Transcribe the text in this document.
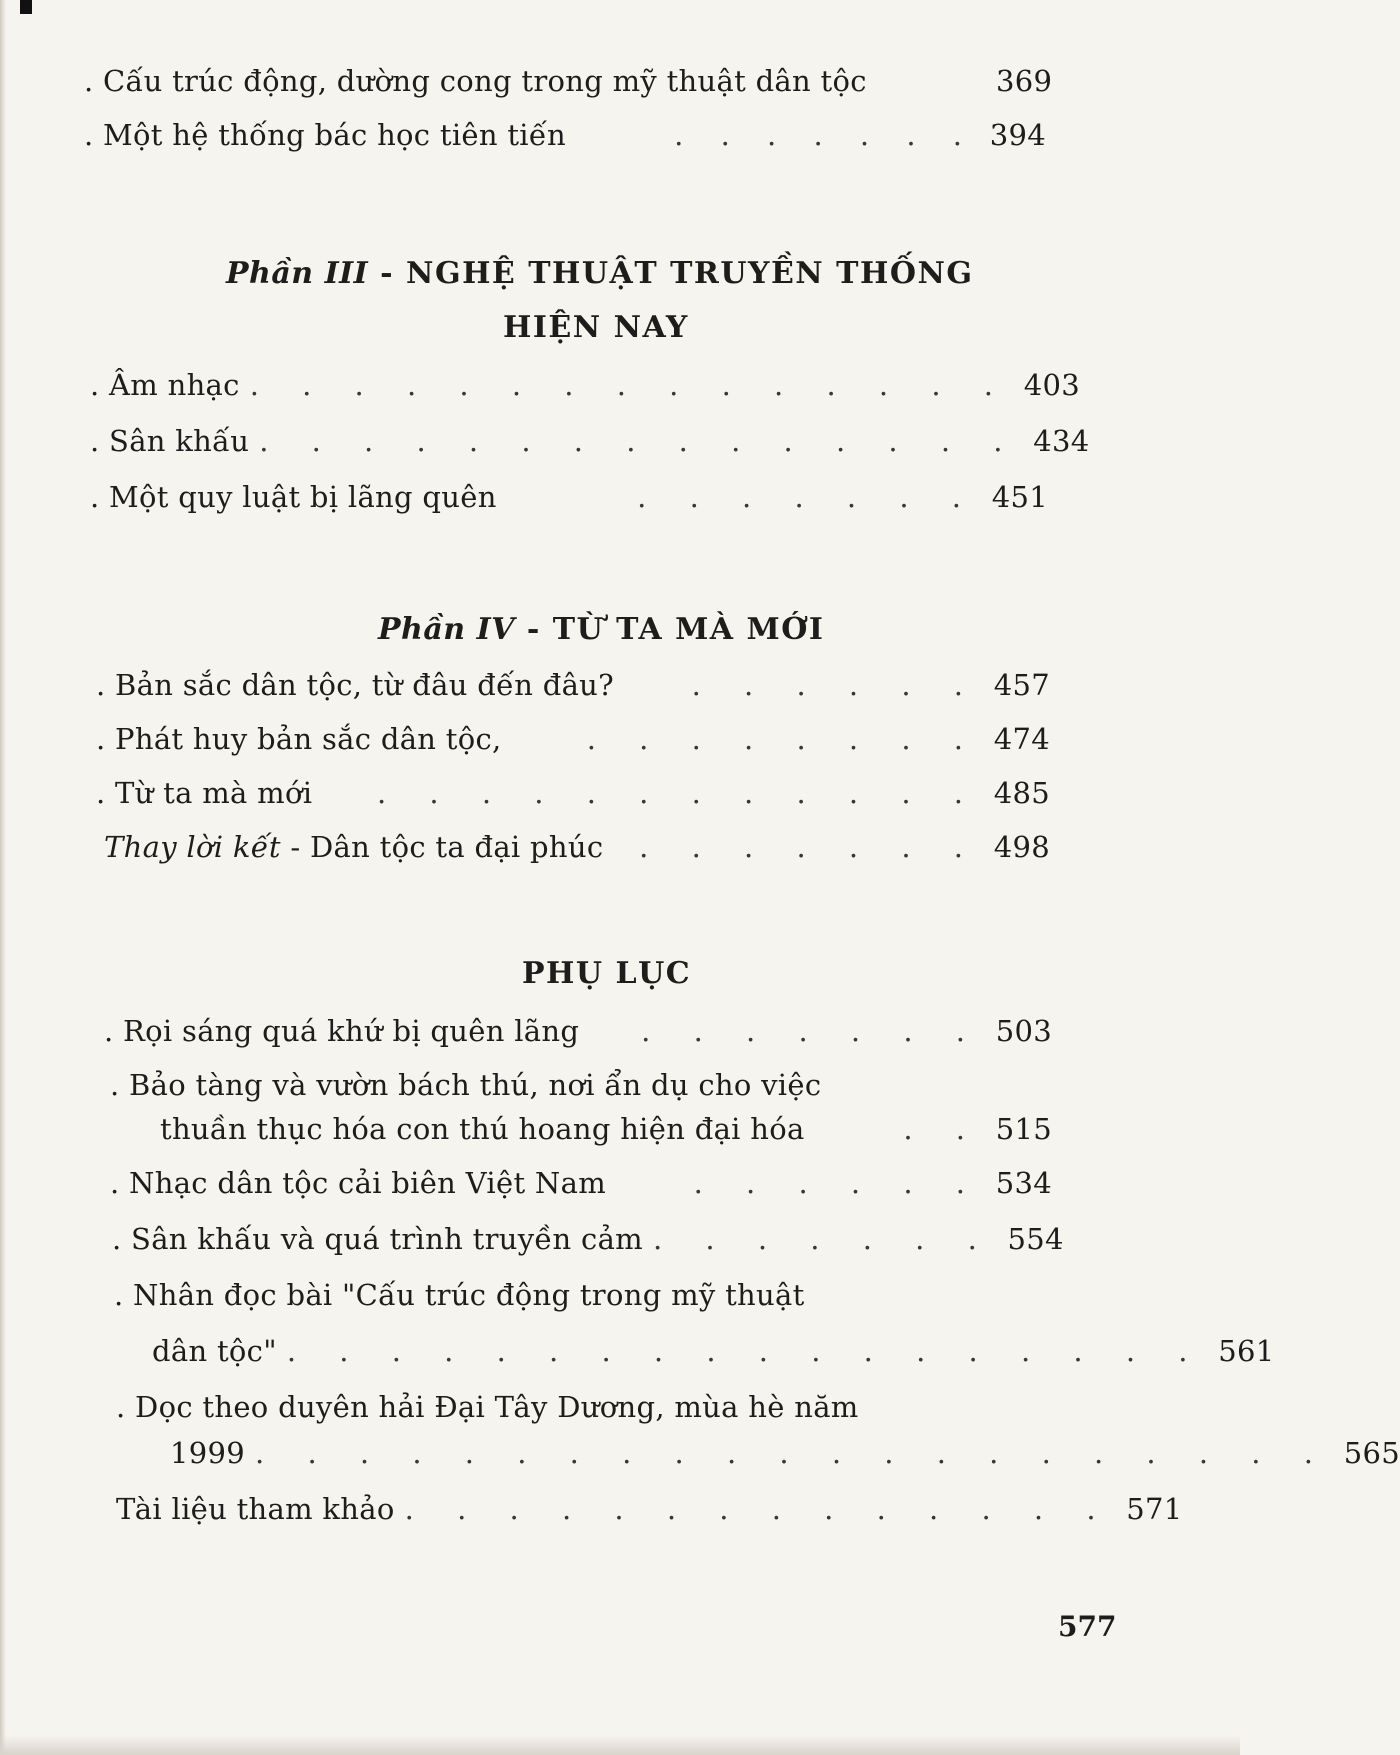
. Cấu trúc động, dường cong trong mỹ thuật dân tộc	369
. Một hệ thống bác học tiên tiến	. . . . . . . 394
Phần III - NGHỆ THUẬT TRUYỀN THỐNG
HIỆN NAY
. Âm nhạc . . . . . . . . . . . . . . . 403
. Sân khấu . . . . . . . . . . . . . . . 434
. Một quy luật bị lãng quên	. . . . . . . 451
Phần IV - TỪ TA MÀ MỚI
. Bản sắc dân tộc, từ đâu đến đâu?	. . . . . . 457
. Phát huy bản sắc dân tộc,	. . . . . . . . 474
. Từ ta mà mới	. . . . . . . . . . . . 485
Thay lời kết - Dân tộc ta đại phúc	. . . . . . . 498
PHỤ LỤC
. Rọi sáng quá khứ bị quên lãng	. . . . . . . 503
. Bảo tàng và vườn bách thú, nơi ẩn dụ cho việc
thuần thục hóa con thú hoang hiện đại hóa	. . 515
. Nhạc dân tộc cải biên Việt Nam	. . . . . . 534
. Sân khấu và quá trình truyền cảm . . . . . . . 554
. Nhân đọc bài "Cấu trúc động trong mỹ thuật
dân tộc" . . . . . . . . . . . . . . . . . . 561
. Dọc theo duyên hải Đại Tây Dương, mùa hè năm
1999 . . . . . . . . . . . . . . . . . . . . . 565
Tài liệu tham khảo . . . . . . . . . . . . . . 571
577
